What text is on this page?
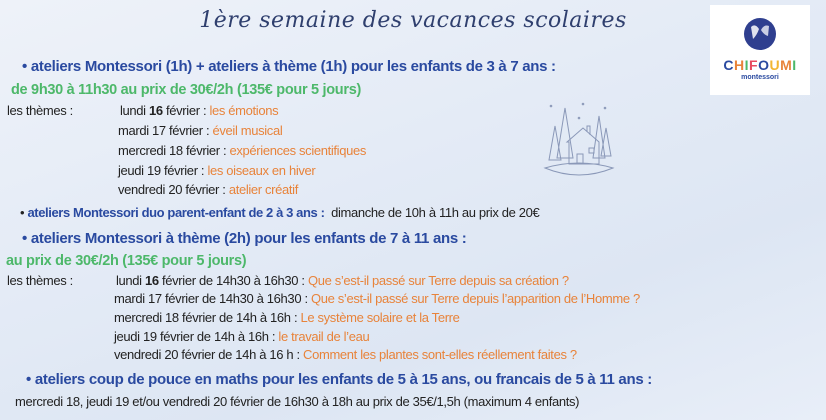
1ère semaine des vacances scolaires
CHIFOUMI
montessori
• ateliers Montessori (1h) + ateliers à thème (1h) pour les enfants de 3 à 7 ans :
de 9h30 à 11h30 au prix de 30€/2h (135€ pour 5 jours)
les thèmes :	lundi 16 février : les émotions
mardi 17 février : éveil musical
mercredi 18 février : expériences scientifiques
jeudi 19 février : les oiseaux en hiver
vendredi 20 février : atelier créatif
• ateliers Montessori duo parent-enfant de 2 à 3 ans : dimanche de 10h à 11h au prix de 20€
• ateliers Montessori à thème (2h) pour les enfants de 7 à 11 ans :
au prix de 30€/2h (135€ pour 5 jours)
les thèmes :	lundi 16 février de 14h30 à 16h30 : Que s’est-il passé sur Terre depuis sa création ?
mardi 17 février de 14h30 à 16h30 : Que s’est-il passé sur Terre depuis l’apparition de l’Homme ?
mercredi 18 février de 14h à 16h : Le système solaire et la Terre
jeudi 19 février de 14h à 16h : le travail de l’eau
vendredi 20 février de 14h à 16 h : Comment les plantes sont-elles réellement faites ?
• ateliers coup de pouce en maths pour les enfants de 5 à 15 ans, ou francais de 5 à 11 ans :
mercredi 18, jeudi 19 et/ou vendredi 20 février de 16h30 à 18h au prix de 35€/1,5h (maximum 4 enfants)
